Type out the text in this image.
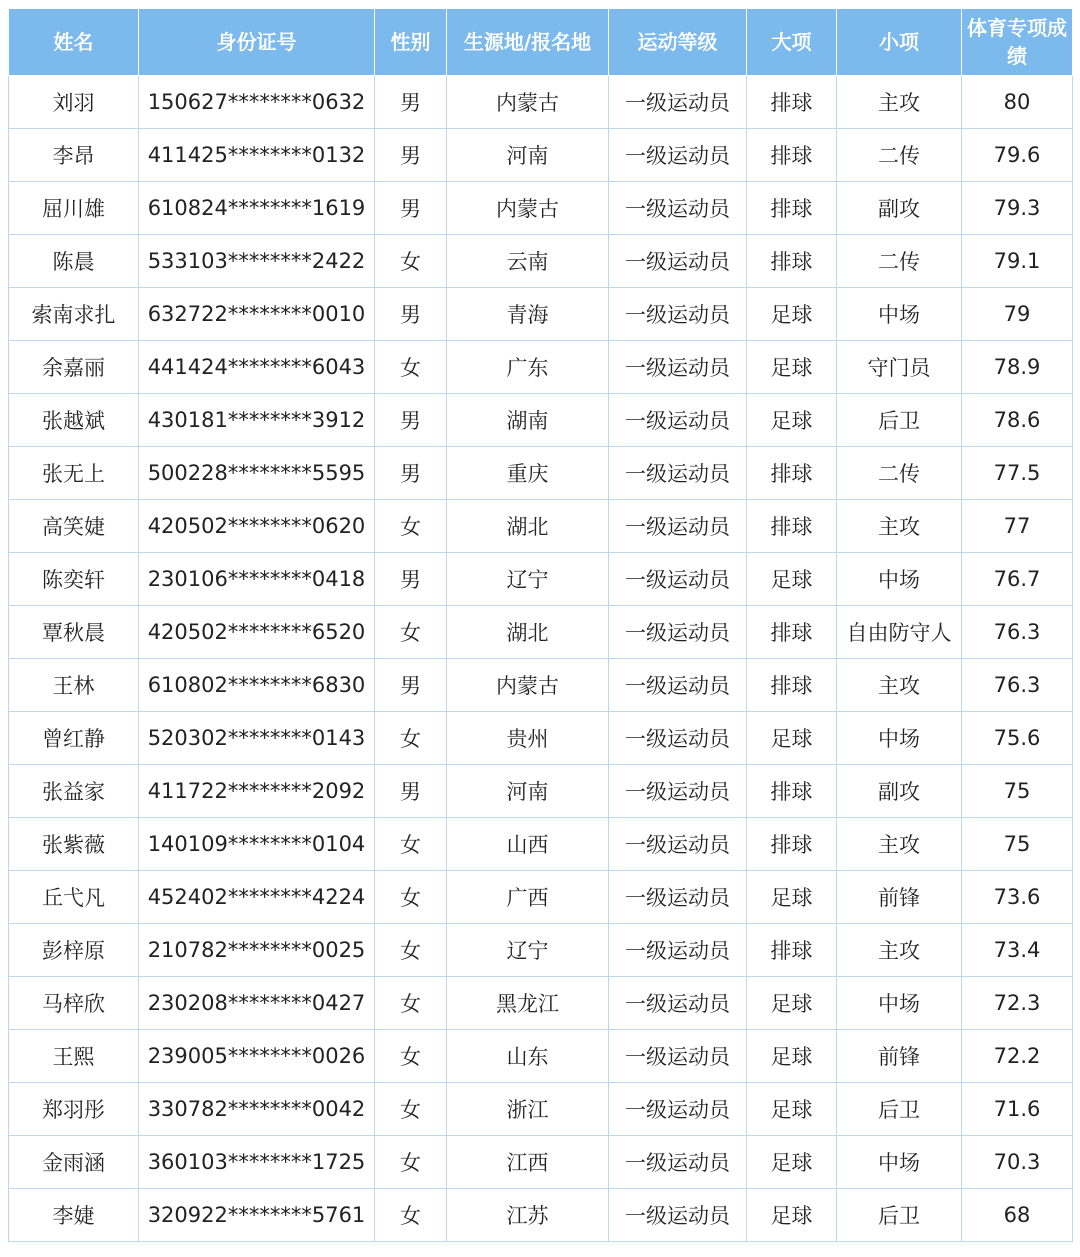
姓名	身份证号	性别	生源地/报名地	运动等级	大项	小项	体育专项成绩

刘羽	150627********0632	男	内蒙古	一级运动员	排球	主攻	80
李昂	411425********0132	男	河南	一级运动员	排球	二传	79.6
屈川雄	610824********1619	男	内蒙古	一级运动员	排球	副攻	79.3
陈晨	533103********2422	女	云南	一级运动员	排球	二传	79.1
索南求扎	632722********0010	男	青海	一级运动员	足球	中场	79
余嘉丽	441424********6043	女	广东	一级运动员	足球	守门员	78.9
张越斌	430181********3912	男	湖南	一级运动员	足球	后卫	78.6
张无上	500228********5595	男	重庆	一级运动员	排球	二传	77.5
高笑婕	420502********0620	女	湖北	一级运动员	排球	主攻	77
陈奕轩	230106********0418	男	辽宁	一级运动员	足球	中场	76.7
覃秋晨	420502********6520	女	湖北	一级运动员	排球	自由防守人	76.3
王林	610802********6830	男	内蒙古	一级运动员	排球	主攻	76.3
曾红静	520302********0143	女	贵州	一级运动员	足球	中场	75.6
张益家	411722********2092	男	河南	一级运动员	排球	副攻	75
张紫薇	140109********0104	女	山西	一级运动员	排球	主攻	75
丘弋凡	452402********4224	女	广西	一级运动员	足球	前锋	73.6
彭梓原	210782********0025	女	辽宁	一级运动员	排球	主攻	73.4
马梓欣	230208********0427	女	黑龙江	一级运动员	足球	中场	72.3
王熙	239005********0026	女	山东	一级运动员	足球	前锋	72.2
郑羽彤	330782********0042	女	浙江	一级运动员	足球	后卫	71.6
金雨涵	360103********1725	女	江西	一级运动员	足球	中场	70.3
李婕	320922********5761	女	江苏	一级运动员	足球	后卫	68
